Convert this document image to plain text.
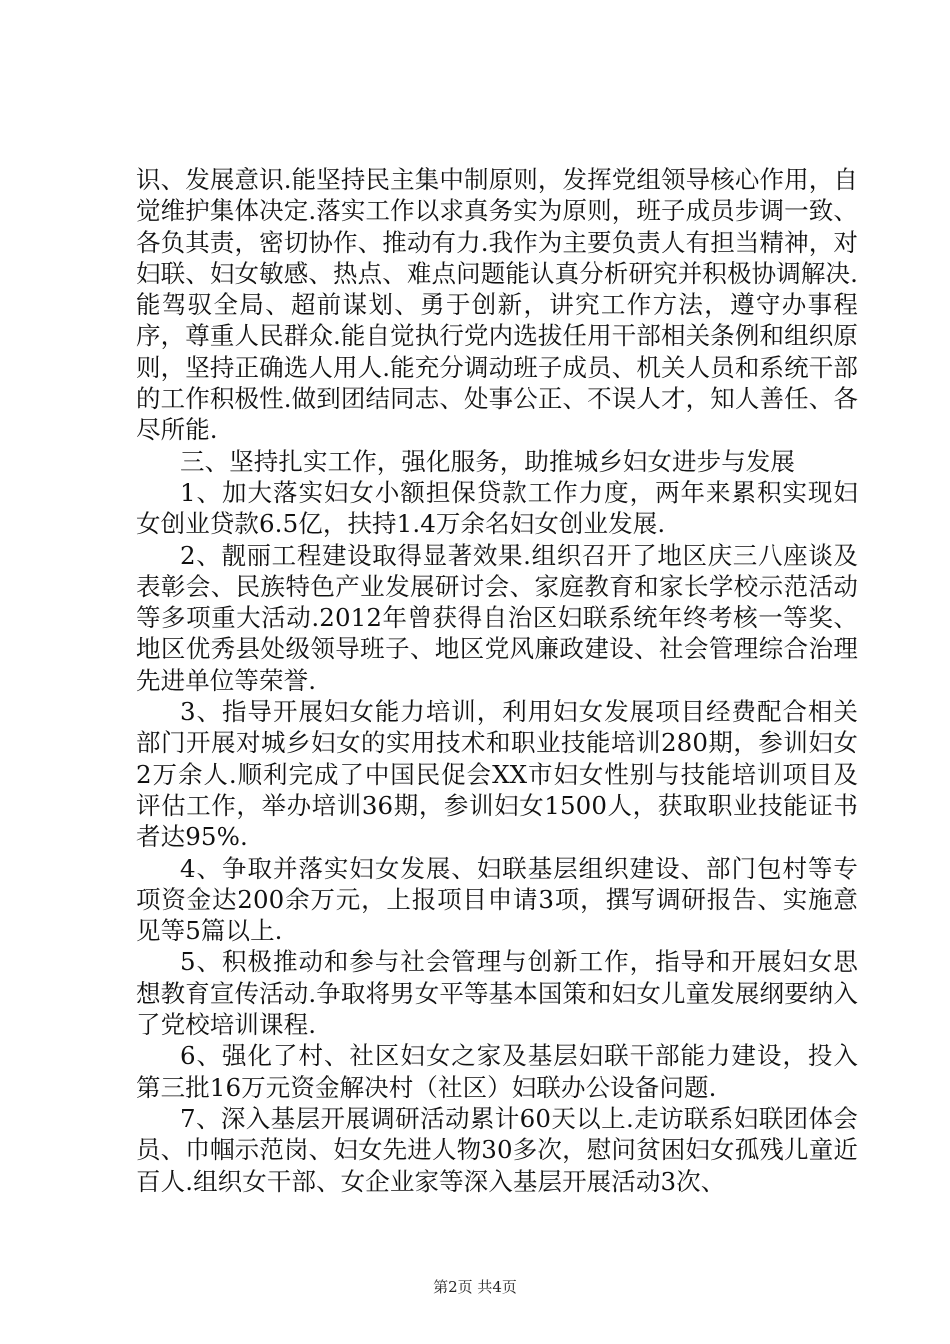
识、发展意识.能坚持民主集中制原则，发挥党组领导核心作用，自觉维护集体决定.落实工作以求真务实为原则，班子成员步调一致、各负其责，密切协作、推动有力.我作为主要负责人有担当精神，对妇联、妇女敏感、热点、难点问题能认真分析研究并积极协调解决.能驾驭全局、超前谋划、勇于创新，讲究工作方法，遵守办事程序，尊重人民群众.能自觉执行党内选拔任用干部相关条例和组织原则，坚持正确选人用人.能充分调动班子成员、机关人员和系统干部的工作积极性.做到团结同志、处事公正、不误人才，知人善任、各尽所能.

三、坚持扎实工作，强化服务，助推城乡妇女进步与发展

1、加大落实妇女小额担保贷款工作力度，两年来累积实现妇女创业贷款6.5亿，扶持1.4万余名妇女创业发展.

2、靓丽工程建设取得显著效果.组织召开了地区庆三八座谈及表彰会、民族特色产业发展研讨会、家庭教育和家长学校示范活动等多项重大活动.2012年曾获得自治区妇联系统年终考核一等奖、地区优秀县处级领导班子、地区党风廉政建设、社会管理综合治理先进单位等荣誉.

3、指导开展妇女能力培训，利用妇女发展项目经费配合相关部门开展对城乡妇女的实用技术和职业技能培训280期，参训妇女2万余人.顺利完成了中国民促会XX市妇女性别与技能培训项目及评估工作，举办培训36期，参训妇女1500人，获取职业技能证书者达95%.

4、争取并落实妇女发展、妇联基层组织建设、部门包村等专项资金达200余万元，上报项目申请3项，撰写调研报告、实施意见等5篇以上.

5、积极推动和参与社会管理与创新工作，指导和开展妇女思想教育宣传活动.争取将男女平等基本国策和妇女儿童发展纲要纳入了党校培训课程.

6、强化了村、社区妇女之家及基层妇联干部能力建设，投入第三批16万元资金解决村（社区）妇联办公设备问题.

7、深入基层开展调研活动累计60天以上.走访联系妇联团体会员、巾帼示范岗、妇女先进人物30多次，慰问贫困妇女孤残儿童近百人.组织女干部、女企业家等深入基层开展活动3次、

第2页 共4页
